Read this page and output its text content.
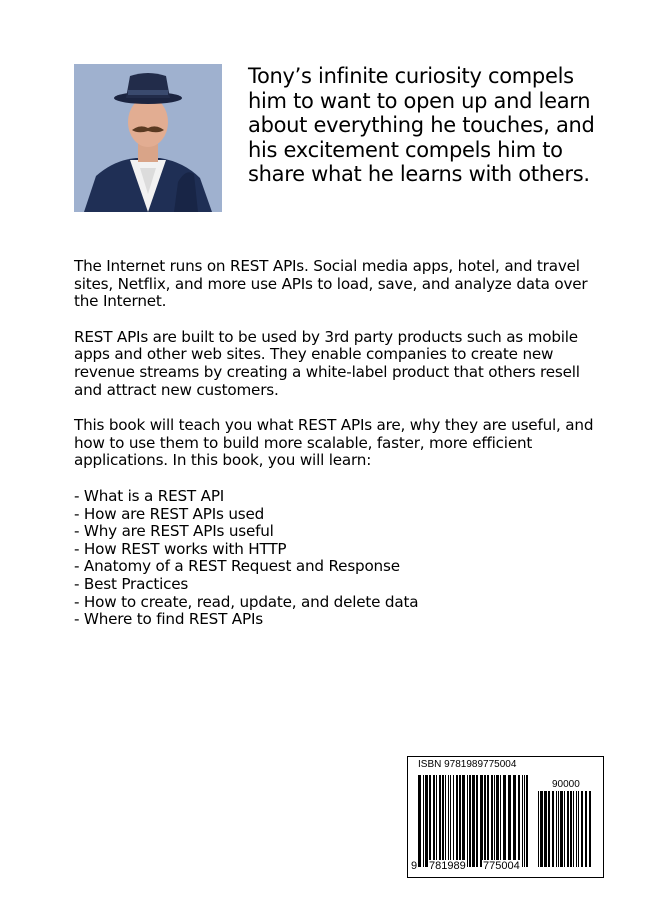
Tony’s infinite curiosity compels him to want to open up and learn about everything he touches, and his excitement compels him to share what he learns with others.

The Internet runs on REST APIs. Social media apps, hotel, and travel sites, Netflix, and more use APIs to load, save, and analyze data over the Internet.

REST APIs are built to be used by 3rd party products such as mobile apps and other web sites. They enable companies to create new revenue streams by creating a white-label product that others resell and attract new customers.

This book will teach you what REST APIs are, why they are useful, and how to use them to build more scalable, faster, more efficient applications. In this book, you will learn:

- What is a REST API
- How are REST APIs used
- Why are REST APIs useful
- How REST works with HTTP
- Anatomy of a REST Request and Response
- Best Practices
- How to create, read, update, and delete data
- Where to find REST APIs
ISBN 9781989775004
90000
9 781989 775004
